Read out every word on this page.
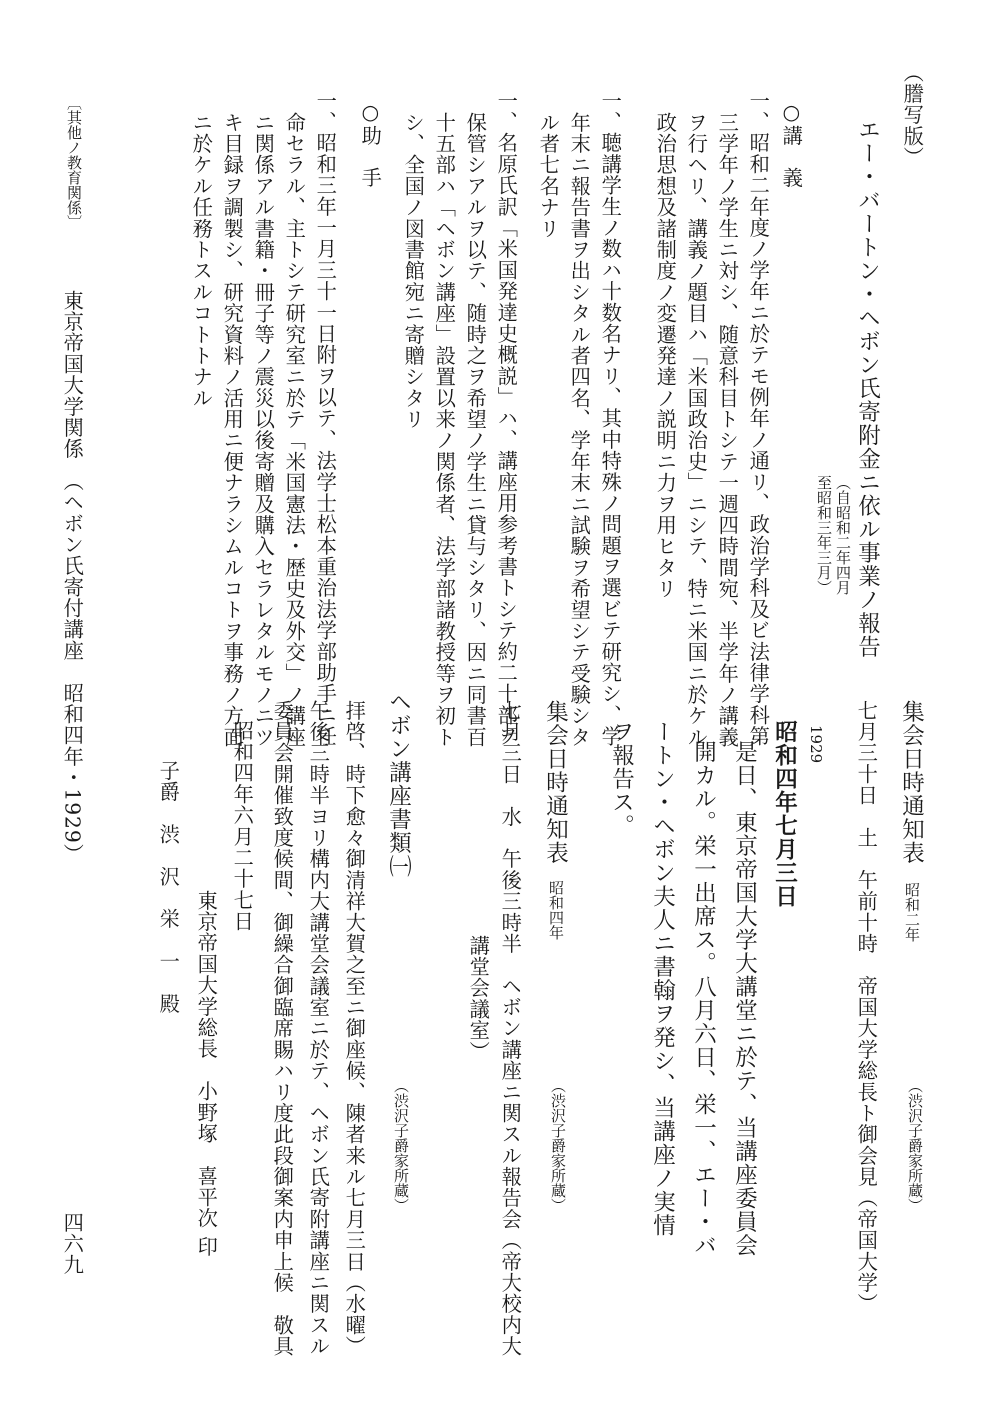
（謄写版）
エー・バートン・ヘボン氏寄附金ニ依ル事業ノ報告
（自昭和二年四月
至昭和三年三月）
○講　義
一、昭和二年度ノ学年ニ於テモ例年ノ通リ、政治学科及ビ法律学科第
三学年ノ学生ニ対シ、随意科目トシテ一週四時間宛、半学年ノ講義
ヲ行ヘリ、講義ノ題目ハ「米国政治史」ニシテ、特ニ米国ニ於ケル
政治思想及諸制度ノ変遷発達ノ説明ニ力ヲ用ヒタリ
一、聴講学生ノ数ハ十数名ナリ、其中特殊ノ問題ヲ選ビテ研究シ、学
年末ニ報告書ヲ出シタル者四名、学年末ニ試験ヲ希望シテ受験シタ
ル者七名ナリ
一、名原氏訳「米国発達史概説」ハ、講座用参考書トシテ約二十部ヲ
保管シアルヲ以テ、随時之ヲ希望ノ学生ニ貸与シタリ、因ニ同書百
十五部ハ「ヘボン講座」設置以来ノ関係者、法学部諸教授等ヲ初ト
シ、全国ノ図書館宛ニ寄贈シタリ
○助　手
一、昭和三年一月三十一日附ヲ以テ、法学士松本重治法学部助手ニ任
命セラル、主トシテ研究室ニ於テ「米国憲法・歴史及外交」ノ講座
ニ関係アル書籍・冊子等ノ震災以後寄贈及購入セラレタルモノニツ
キ目録ヲ調製シ、研究資料ノ活用ニ便ナラシムルコトヲ事務ノ方面
ニ於ケル任務トスルコトトナル
集会日時通知表
昭和二年
（渋沢子爵家所蔵）
七月三十日　土　午前十時　帝国大学総長ト御会見（帝国大学）
1929
昭和四年七月三日
是日、東京帝国大学大講堂ニ於テ、当講座委員会
開カル。栄一出席ス。八月六日、栄一、エー・バ
ートン・ヘボン夫人ニ書翰ヲ発シ、当講座ノ実情
ヲ報告ス。
集会日時通知表
昭和四年
（渋沢子爵家所蔵）
七月三日　水　午後三時半　ヘボン講座ニ関スル報告会（帝大校内大
講堂会議室）
ヘボン講座書類㈠
（渋沢子爵家所蔵）
拝啓、時下愈々御清祥大賀之至ニ御座候、陳者来ル七月三日（水曜）
午後三時半ヨリ構内大講堂会議室ニ於テ、ヘボン氏寄附講座ニ関スル
委員会開催致度候間、御繰合御臨席賜ハリ度此段御案内申上候　敬具
昭和四年六月二十七日
東京帝国大学総長　小野塚　喜平次 印
子爵　渋　沢　栄　一　殿
〔其他ノ教育関係〕
東京帝国大学関係　（ヘボン氏寄付講座　昭和四年・1929）
四六九
